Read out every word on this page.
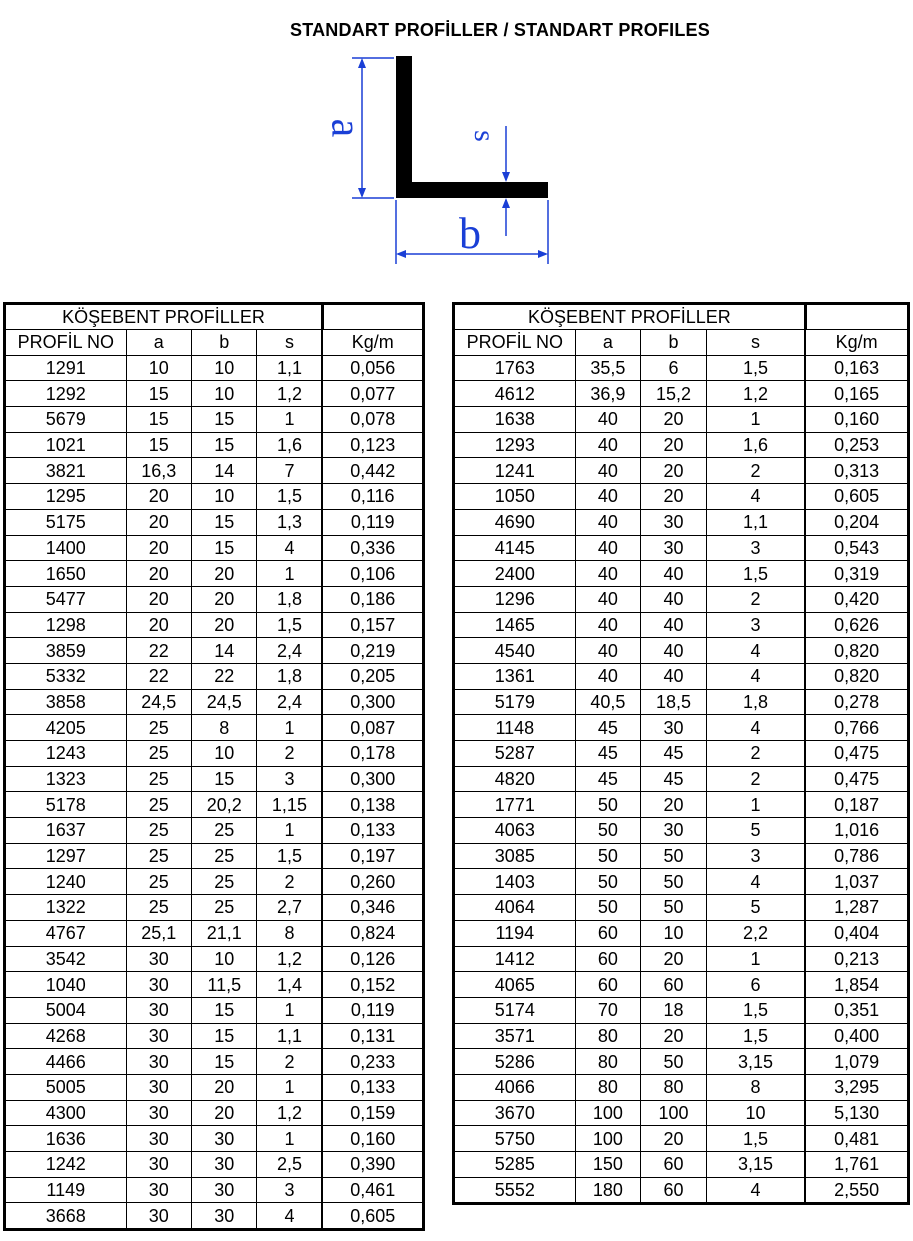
STANDART PROFİLLER / STANDART PROFILES
a
b
s
KÖŞEBENT PROFİLLER				
PROFİL NO	a	b	s	Kg/m
1291	10	10	1,1	0,056
1292	15	10	1,2	0,077
5679	15	15	1	0,078
1021	15	15	1,6	0,123
3821	16,3	14	7	0,442
1295	20	10	1,5	0,116
5175	20	15	1,3	0,119
1400	20	15	4	0,336
1650	20	20	1	0,106
5477	20	20	1,8	0,186
1298	20	20	1,5	0,157
3859	22	14	2,4	0,219
5332	22	22	1,8	0,205
3858	24,5	24,5	2,4	0,300
4205	25	8	1	0,087
1243	25	10	2	0,178
1323	25	15	3	0,300
5178	25	20,2	1,15	0,138
1637	25	25	1	0,133
1297	25	25	1,5	0,197
1240	25	25	2	0,260
1322	25	25	2,7	0,346
4767	25,1	21,1	8	0,824
3542	30	10	1,2	0,126
1040	30	11,5	1,4	0,152
5004	30	15	1	0,119
4268	30	15	1,1	0,131
4466	30	15	2	0,233
5005	30	20	1	0,133
4300	30	20	1,2	0,159
1636	30	30	1	0,160
1242	30	30	2,5	0,390
1149	30	30	3	0,461
3668	30	30	4	0,605
KÖŞEBENT PROFİLLER				
PROFİL NO	a	b	s	Kg/m
1763	35,5	6	1,5	0,163
4612	36,9	15,2	1,2	0,165
1638	40	20	1	0,160
1293	40	20	1,6	0,253
1241	40	20	2	0,313
1050	40	20	4	0,605
4690	40	30	1,1	0,204
4145	40	30	3	0,543
2400	40	40	1,5	0,319
1296	40	40	2	0,420
1465	40	40	3	0,626
4540	40	40	4	0,820
1361	40	40	4	0,820
5179	40,5	18,5	1,8	0,278
1148	45	30	4	0,766
5287	45	45	2	0,475
4820	45	45	2	0,475
1771	50	20	1	0,187
4063	50	30	5	1,016
3085	50	50	3	0,786
1403	50	50	4	1,037
4064	50	50	5	1,287
1194	60	10	2,2	0,404
1412	60	20	1	0,213
4065	60	60	6	1,854
5174	70	18	1,5	0,351
3571	80	20	1,5	0,400
5286	80	50	3,15	1,079
4066	80	80	8	3,295
3670	100	100	10	5,130
5750	100	20	1,5	0,481
5285	150	60	3,15	1,761
5552	180	60	4	2,550
